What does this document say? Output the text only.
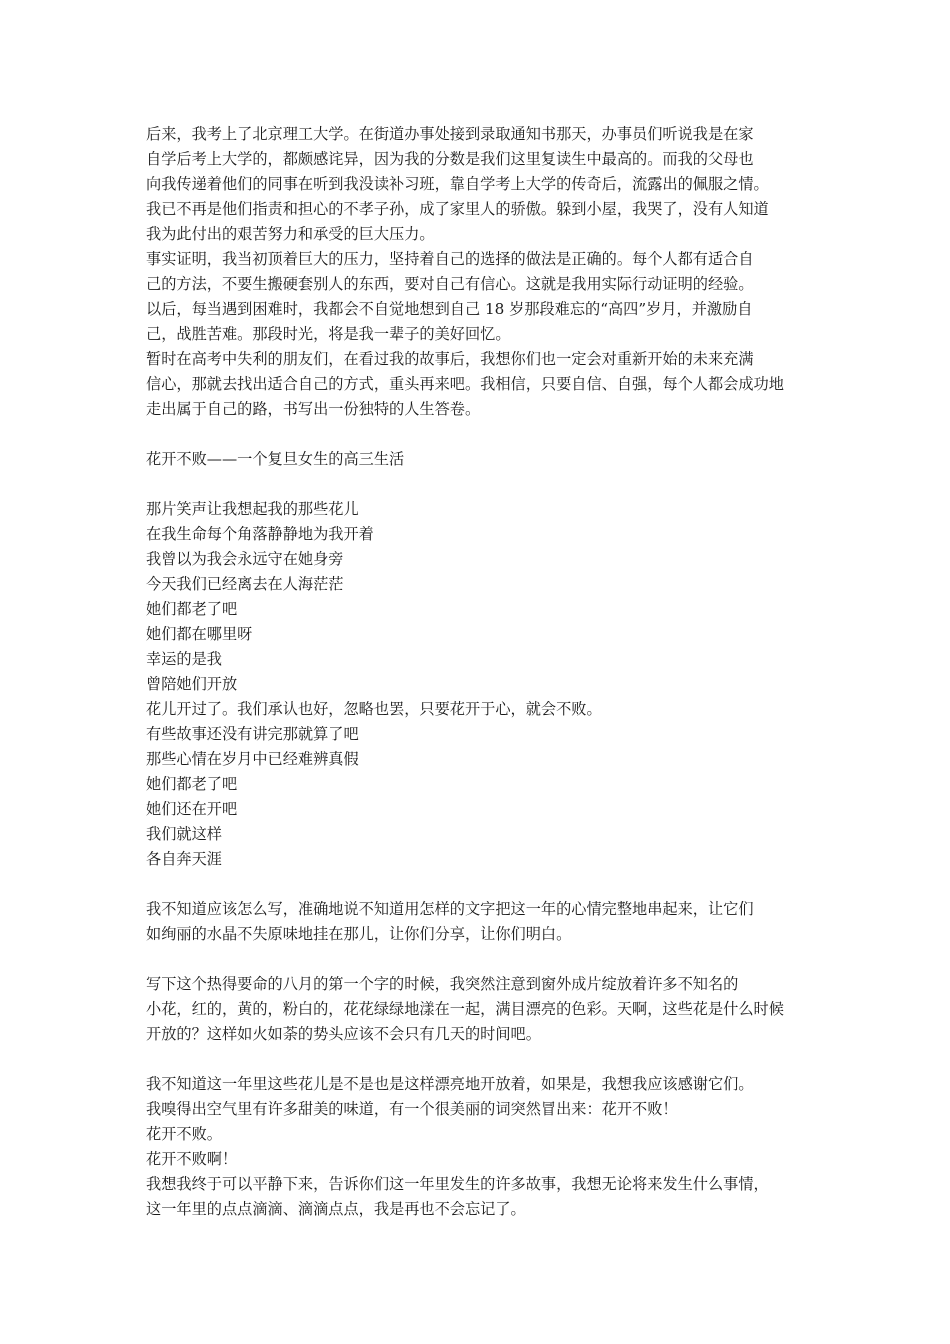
后来，我考上了北京理工大学。在街道办事处接到录取通知书那天，办事员们听说我是在家
自学后考上大学的，都颇感诧异，因为我的分数是我们这里复读生中最高的。而我的父母也
向我传递着他们的同事在听到我没读补习班，靠自学考上大学的传奇后，流露出的佩服之情。
我已不再是他们指责和担心的不孝子孙，成了家里人的骄傲。躲到小屋，我哭了，没有人知道
我为此付出的艰苦努力和承受的巨大压力。
事实证明，我当初顶着巨大的压力，坚持着自己的选择的做法是正确的。每个人都有适合自
己的方法，不要生搬硬套别人的东西，要对自己有信心。这就是我用实际行动证明的经验。
以后，每当遇到困难时，我都会不自觉地想到自己 18 岁那段难忘的“高四”岁月，并激励自
己，战胜苦难。那段时光，将是我一辈子的美好回忆。
暂时在高考中失利的朋友们，在看过我的故事后，我想你们也一定会对重新开始的未来充满
信心，那就去找出适合自己的方式，重头再来吧。我相信，只要自信、自强，每个人都会成功地
走出属于自己的路，书写出一份独特的人生答卷。
花开不败——一个复旦女生的高三生活
那片笑声让我想起我的那些花儿
在我生命每个角落静静地为我开着
我曾以为我会永远守在她身旁
今天我们已经离去在人海茫茫
她们都老了吧
她们都在哪里呀
幸运的是我
曾陪她们开放
花儿开过了。我们承认也好，忽略也罢，只要花开于心，就会不败。
有些故事还没有讲完那就算了吧
那些心情在岁月中已经难辨真假
她们都老了吧
她们还在开吧
我们就这样
各自奔天涯
我不知道应该怎么写，准确地说不知道用怎样的文字把这一年的心情完整地串起来，让它们
如绚丽的水晶不失原味地挂在那儿，让你们分享，让你们明白。
写下这个热得要命的八月的第一个字的时候，我突然注意到窗外成片绽放着许多不知名的
小花，红的，黄的，粉白的，花花绿绿地漾在一起，满目漂亮的色彩。天啊，这些花是什么时候
开放的？这样如火如荼的势头应该不会只有几天的时间吧。
我不知道这一年里这些花儿是不是也是这样漂亮地开放着，如果是，我想我应该感谢它们。
我嗅得出空气里有许多甜美的味道，有一个很美丽的词突然冒出来：花开不败！
花开不败。
花开不败啊！
我想我终于可以平静下来，告诉你们这一年里发生的许多故事，我想无论将来发生什么事情，
这一年里的点点滴滴、滴滴点点，我是再也不会忘记了。
